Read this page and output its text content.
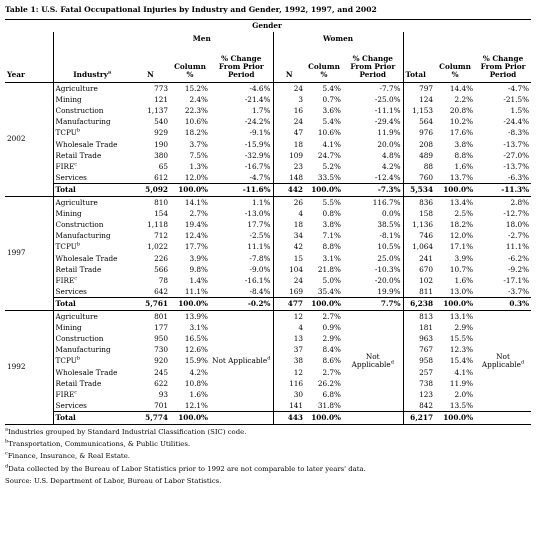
Table 1: U.S. Fatal Occupational Injuries by Industry and Gender, 1992, 1997, and 2002
		Gender								
		Men			Women					
Year	Industry$^a$	N	Column %	% Change From Prior Period	N	Column %	% Change From Prior Period	Total	Column %	% Change From Prior Period
2002	Agriculture	773	15.2%	-4.6%	24	5.4%	-7.7%	797	14.4%	-4.7%
	Mining	121	2.4%	-21.4%	3	0.7%	-25.0%	124	2.2%	-21.5%
	Construction	1,137	22.3%	1.7%	16	3.6%	-11.1%	1,153	20.8%	1.5%
	Manufacturing	540	10.6%	-24.2%	24	5.4%	-29.4%	564	10.2%	-24.4%
	TCPU$^b$	929	18.2%	-9.1%	47	10.6%	11.9%	976	17.6%	-8.3%
	Wholesale Trade	190	3.7%	-15.9%	18	4.1%	20.0%	208	3.8%	-13.7%
	Retail Trade	380	7.5%	-32.9%	109	24.7%	4.8%	489	8.8%	-27.0%
	FIRE$^c$	65	1.3%	-16.7%	23	5.2%	4.2%	88	1.6%	-13.7%
	Services	612	12.0%	-4.7%	148	33.5%	-12.4%	760	13.7%	-6.3%
	Total	5,092	100.0%	-11.6%	442	100.0%	-7.3%	5,534	100.0%	-11.3%
1997	Agriculture	810	14.1%	1.1%	26	5.5%	116.7%	836	13.4%	2.8%
	Mining	154	2.7%	-13.0%	4	0.8%	0.0%	158	2.5%	-12.7%
	Construction	1,118	19.4%	17.7%	18	3.8%	38.5%	1,136	18.2%	18.0%
	Manufacturing	712	12.4%	-2.5%	34	7.1%	-8.1%	746	12.0%	-2.7%
	TCPU$^b$	1,022	17.7%	11.1%	42	8.8%	10.5%	1,064	17.1%	11.1%
	Wholesale Trade	226	3.9%	-7.8%	15	3.1%	25.0%	241	3.9%	-6.2%
	Retail Trade	566	9.8%	-9.0%	104	21.8%	-10.3%	670	10.7%	-9.2%
	FIRE$^c$	78	1.4%	-16.1%	24	5.0%	-20.0%	102	1.6%	-17.1%
	Services	642	11.1%	-8.4%	169	35.4%	19.9%	811	13.0%	-3.7%
	Total	5,761	100.0%	-0.2%	477	100.0%	7.7%	6,238	100.0%	0.3%
1992	Agriculture	801	13.9%	Not Applicable$^d$	12	2.7%	Not Applicable$^d$	813	13.1%	Not Applicable$^d$
	Mining	177	3.1%		4	0.9%		181	2.9%	
	Construction	950	16.5%		13	2.9%		963	15.5%	
	Manufacturing	730	12.6%		37	8.4%		767	12.3%	
	TCPU$^b$	920	15.9%		38	8.6%		958	15.4%	
	Wholesale Trade	245	4.2%		12	2.7%		257	4.1%	
	Retail Trade	622	10.8%		116	26.2%		738	11.9%	
	FIRE$^c$	93	1.6%		30	6.8%		123	2.0%	
	Services	701	12.1%		141	31.8%		842	13.5%	
	Total	5,774	100.0%		443	100.0%		6,217	100.0%	
$^a$Industries grouped by Standard Industrial Classification (SIC) code.
$^b$Transportation, Communications, & Public Utilities.
$^c$Finance, Insurance, & Real Estate.
$^d$Data collected by the Bureau of Labor Statistics prior to 1992 are not comparable to later years' data.
Source: U.S. Department of Labor, Bureau of Labor Statistics.
